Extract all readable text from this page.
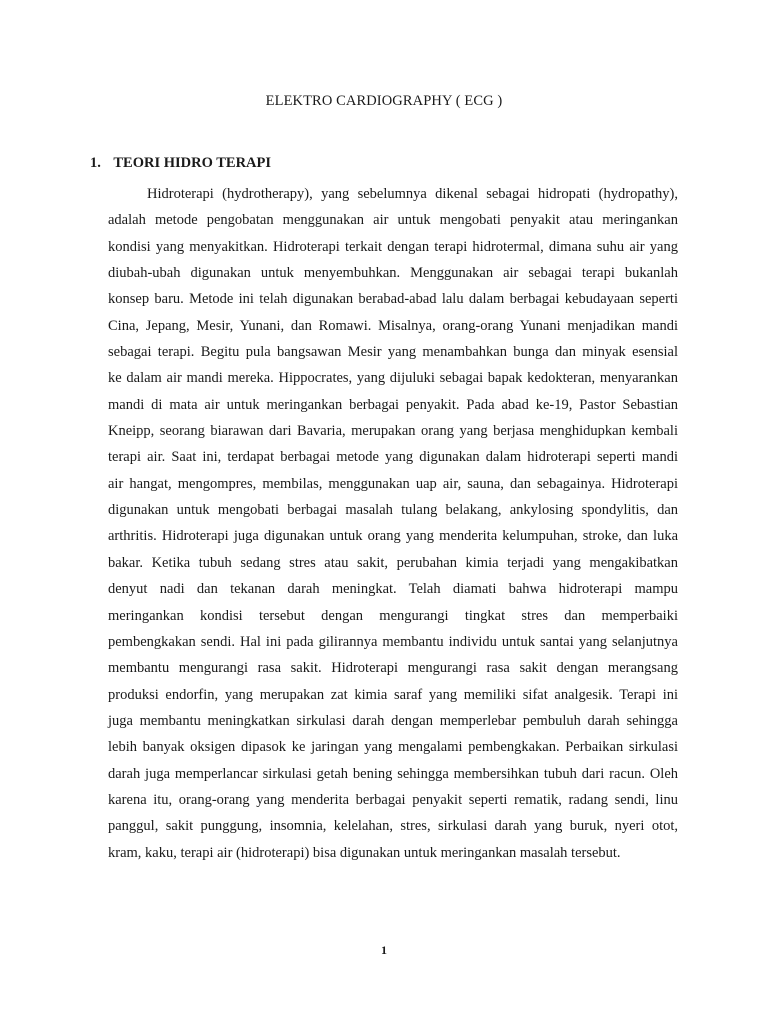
ELEKTRO CARDIOGRAPHY ( ECG )
1. TEORI HIDRO TERAPI
Hidroterapi (hydrotherapy), yang sebelumnya dikenal sebagai hidropati (hydropathy),
adalah metode pengobatan menggunakan air untuk mengobati penyakit atau meringankan
kondisi yang menyakitkan. Hidroterapi terkait dengan terapi hidrotermal, dimana suhu air yang
diubah-ubah digunakan untuk menyembuhkan. Menggunakan air sebagai terapi bukanlah
konsep baru. Metode ini telah digunakan berabad-abad lalu dalam berbagai kebudayaan seperti
Cina, Jepang, Mesir, Yunani, dan Romawi. Misalnya, orang-orang Yunani menjadikan mandi
sebagai terapi. Begitu pula bangsawan Mesir yang menambahkan bunga dan minyak esensial
ke dalam air mandi mereka. Hippocrates, yang dijuluki sebagai bapak kedokteran, menyarankan
mandi di mata air untuk meringankan berbagai penyakit. Pada abad ke-19, Pastor Sebastian
Kneipp, seorang biarawan dari Bavaria, merupakan orang yang berjasa menghidupkan kembali
terapi air. Saat ini, terdapat berbagai metode yang digunakan dalam hidroterapi seperti mandi
air hangat, mengompres, membilas, menggunakan uap air, sauna, dan sebagainya. Hidroterapi
digunakan untuk mengobati berbagai masalah tulang belakang, ankylosing spondylitis, dan
arthritis. Hidroterapi juga digunakan untuk orang yang menderita kelumpuhan, stroke, dan luka
bakar. Ketika tubuh sedang stres atau sakit, perubahan kimia terjadi yang mengakibatkan
denyut nadi dan tekanan darah meningkat. Telah diamati bahwa hidroterapi mampu
meringankan kondisi tersebut dengan mengurangi tingkat stres dan memperbaiki
pembengkakan sendi. Hal ini pada gilirannya membantu individu untuk santai yang selanjutnya
membantu mengurangi rasa sakit. Hidroterapi mengurangi rasa sakit dengan merangsang
produksi endorfin, yang merupakan zat kimia saraf yang memiliki sifat analgesik. Terapi ini
juga membantu meningkatkan sirkulasi darah dengan memperlebar pembuluh darah sehingga
lebih banyak oksigen dipasok ke jaringan yang mengalami pembengkakan. Perbaikan sirkulasi
darah juga memperlancar sirkulasi getah bening sehingga membersihkan tubuh dari racun. Oleh
karena itu, orang-orang yang menderita berbagai penyakit seperti rematik, radang sendi, linu
panggul, sakit punggung, insomnia, kelelahan, stres, sirkulasi darah yang buruk, nyeri otot,
kram, kaku, terapi air (hidroterapi) bisa digunakan untuk meringankan masalah tersebut.
1
